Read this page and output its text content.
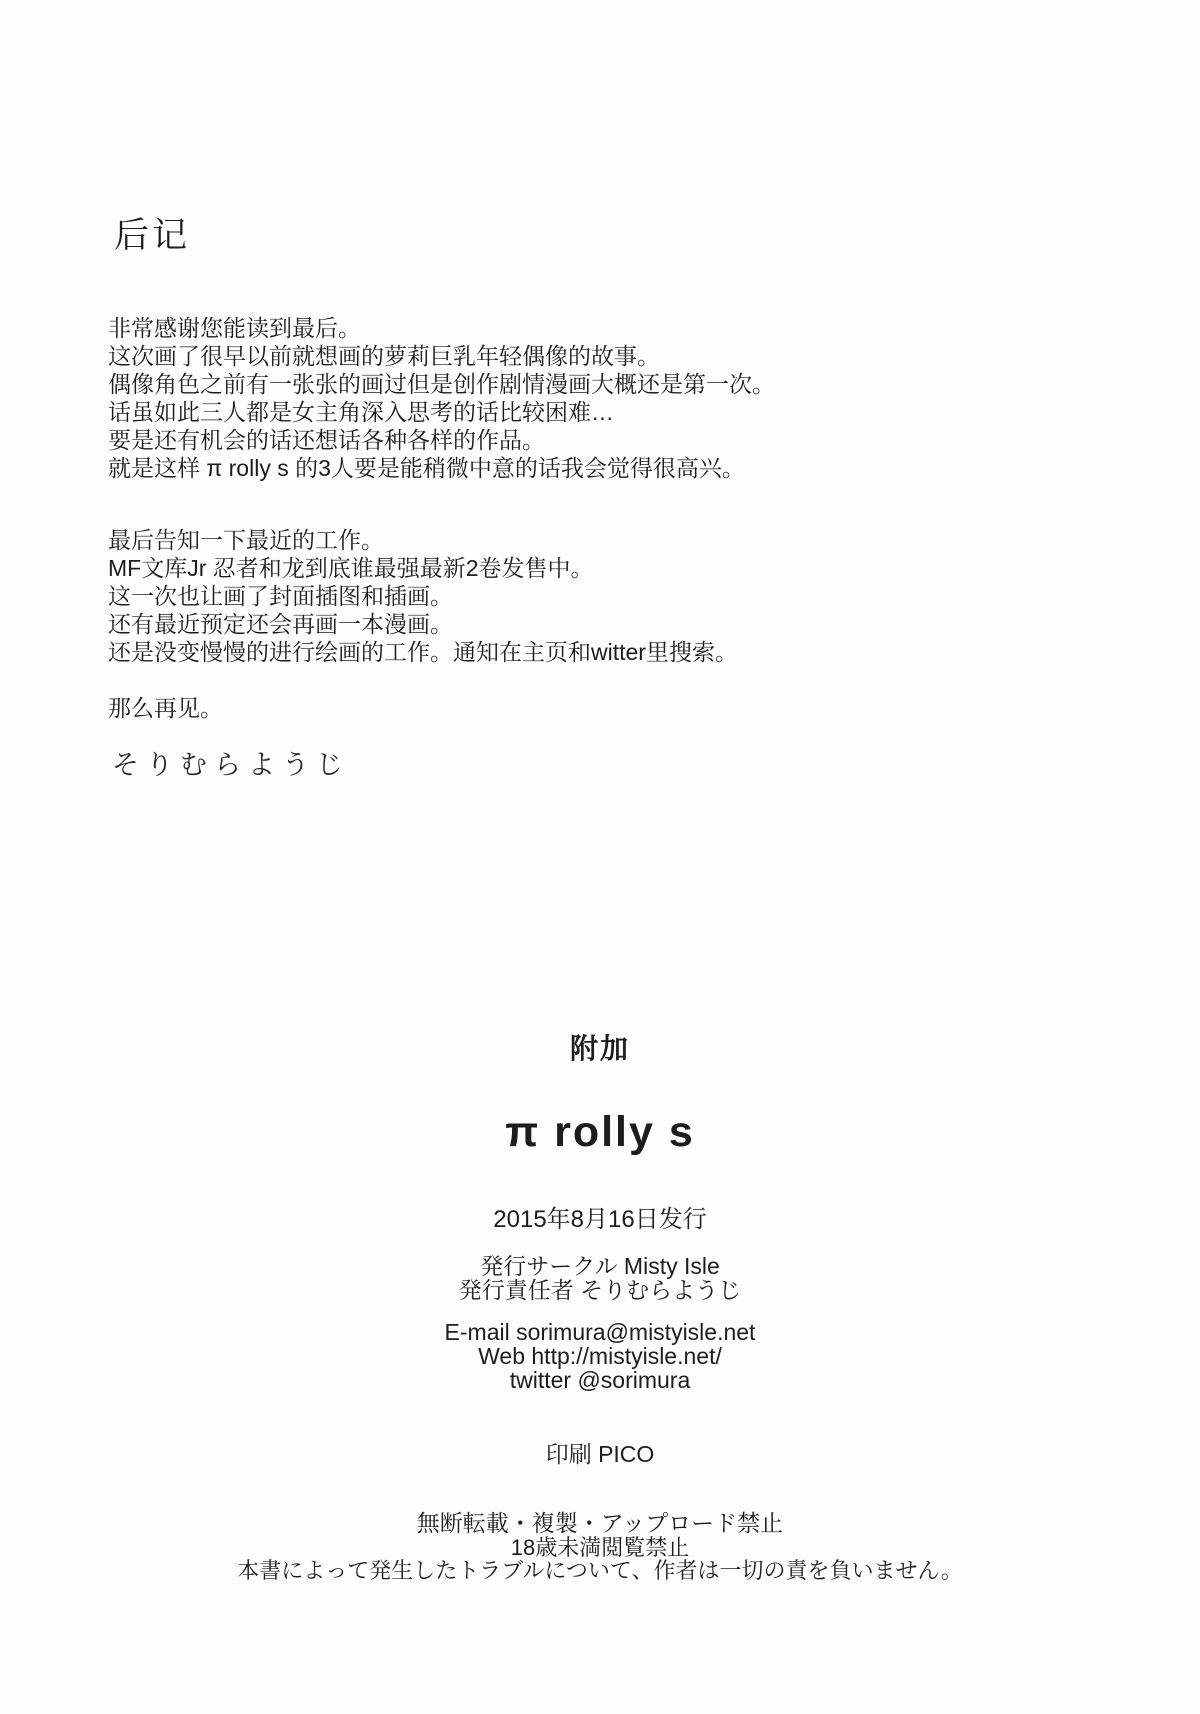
后记
非常感谢您能读到最后。
这次画了很早以前就想画的萝莉巨乳年轻偶像的故事。
偶像角色之前有一张张的画过但是创作剧情漫画大概还是第一次。
话虽如此三人都是女主角深入思考的话比较困难…
要是还有机会的话还想话各种各样的作品。
就是这样 π rolly s 的3人要是能稍微中意的话我会觉得很高兴。
最后告知一下最近的工作。
MF文库Jr 忍者和龙到底谁最强最新2卷发售中。
这一次也让画了封面插图和插画。
还有最近预定还会再画一本漫画。
还是没变慢慢的进行绘画的工作。通知在主页和witter里搜索。
那么再见。
そりむらようじ
附加
π rolly s
2015年8月16日发行
発行サークル Misty Isle
発行責任者 そりむらようじ
E-mail sorimura@mistyisle.net
Web http://mistyisle.net/
twitter @sorimura
印刷 PICO
無断転載・複製・アップロード禁止
18歳未満閲覧禁止
本書によって発生したトラブルについて、作者は一切の責を負いません。
